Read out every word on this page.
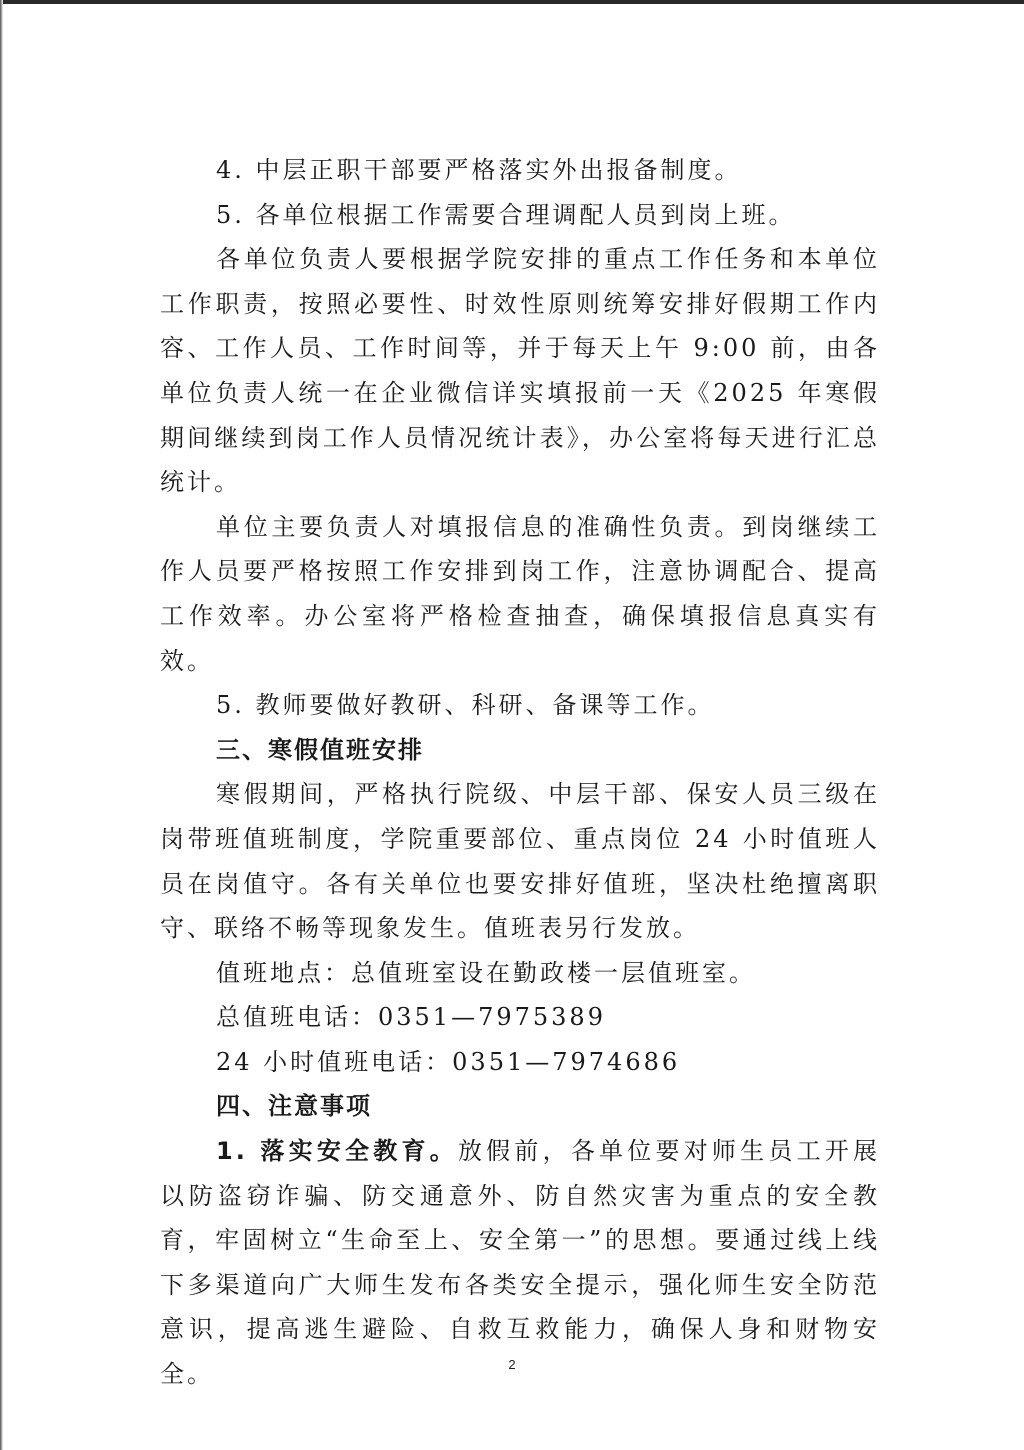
4. 中层正职干部要严格落实外出报备制度。

5. 各单位根据工作需要合理调配人员到岗上班。

各单位负责人要根据学院安排的重点工作任务和本单位工作职责，按照必要性、时效性原则统筹安排好假期工作内容、工作人员、工作时间等，并于每天上午 9:00 前，由各单位负责人统一在企业微信详实填报前一天《2025 年寒假期间继续到岗工作人员情况统计表》，办公室将每天进行汇总统计。

单位主要负责人对填报信息的准确性负责。到岗继续工作人员要严格按照工作安排到岗工作，注意协调配合、提高工作效率。办公室将严格检查抽查，确保填报信息真实有效。

5. 教师要做好教研、科研、备课等工作。

三、寒假值班安排

寒假期间，严格执行院级、中层干部、保安人员三级在岗带班值班制度，学院重要部位、重点岗位 24 小时值班人员在岗值守。各有关单位也要安排好值班，坚决杜绝擅离职守、联络不畅等现象发生。值班表另行发放。

值班地点：总值班室设在勤政楼一层值班室。

总值班电话：0351—7975389

24 小时值班电话：0351—7974686

四、注意事项

1. 落实安全教育。放假前，各单位要对师生员工开展以防盗窃诈骗、防交通意外、防自然灾害为重点的安全教育，牢固树立“生命至上、安全第一”的思想。要通过线上线下多渠道向广大师生发布各类安全提示，强化师生安全防范意识，提高逃生避险、自救互救能力，确保人身和财物安全。	2
